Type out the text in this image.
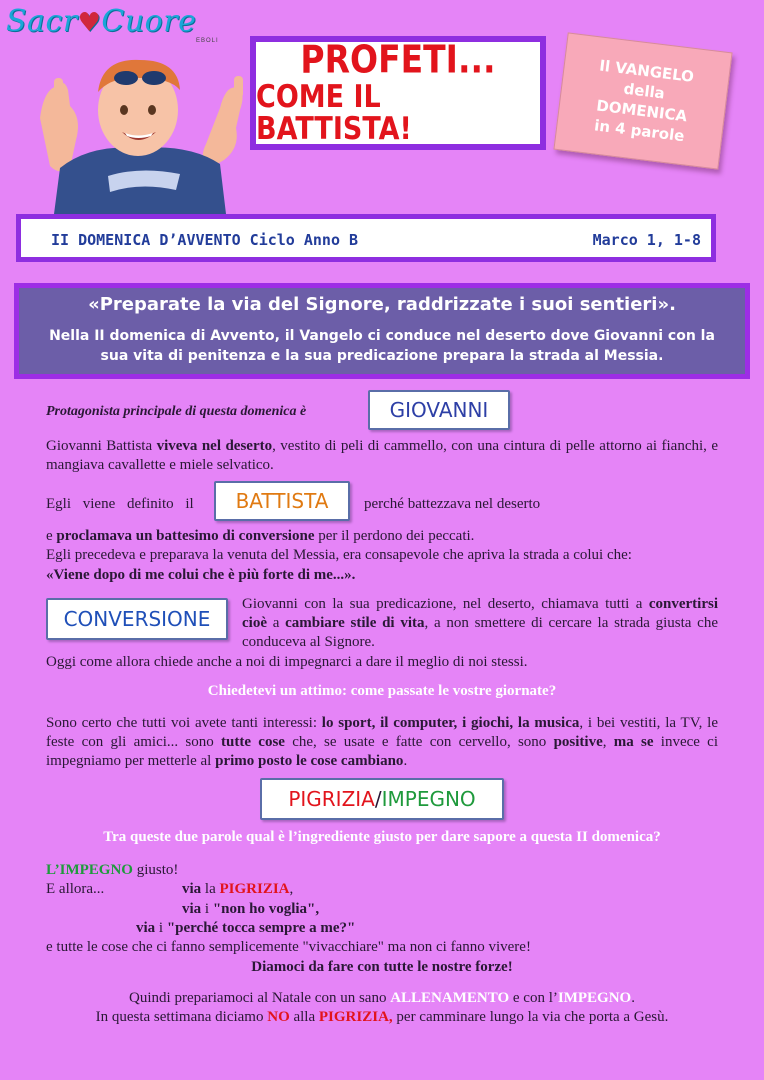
Sacr♥Cuore
EBOLI PROFETI...
COME IL BATTISTA!
Il VANGELO
della
DOMENICA
in 4 parole
II DOMENICA D’AVVENTO Ciclo Anno B	Marco 1, 1-8
«Preparate la via del Signore, raddrizzate i suoi sentieri».
Nella II domenica di Avvento, il Vangelo ci conduce nel deserto dove Giovanni con la sua vita di penitenza e la sua predicazione prepara la strada al Messia.
Protagonista principale di questa domenica è	GIOVANNI
Giovanni Battista viveva nel deserto, vestito di peli di cammello, con una cintura di pelle attorno ai fianchi, e mangiava cavallette e miele selvatico.
Egli viene definito il	BATTISTA	perché battezzava nel deserto
e proclamava un battesimo di conversione per il perdono dei peccati.
Egli precedeva e preparava la venuta del Messia, era consapevole che apriva la strada a colui che:
«Viene dopo di me colui che è più forte di me...».
CONVERSIONE
Giovanni con la sua predicazione, nel deserto, chiamava tutti a convertirsi cioè a cambiare stile di vita, a non smettere di cercare la strada giusta che conduceva al Signore.
Oggi come allora chiede anche a noi di impegnarci a dare il meglio di noi stessi.
Chiedetevi un attimo: come passate le vostre giornate?
Sono certo che tutti voi avete tanti interessi: lo sport, il computer, i giochi, la musica, i bei vestiti, la TV, le feste con gli amici... sono tutte cose che, se usate e fatte con cervello, sono positive, ma se invece ci impegniamo per metterle al primo posto le cose cambiano.
PIGRIZIA / IMPEGNO
Tra queste due parole qual è l’ingrediente giusto per dare sapore a questa II domenica?
L’IMPEGNO giusto!
E allora...	via la PIGRIZIA,
via i "non ho voglia",
via i "perché tocca sempre a me?"
e tutte le cose che ci fanno semplicemente "vivacchiare" ma non ci fanno vivere!
Diamoci da fare con tutte le nostre forze!
Quindi prepariamoci al Natale con un sano ALLENAMENTO e con l’IMPEGNO.
In questa settimana diciamo NO alla PIGRIZIA, per camminare lungo la via che porta a Gesù.
